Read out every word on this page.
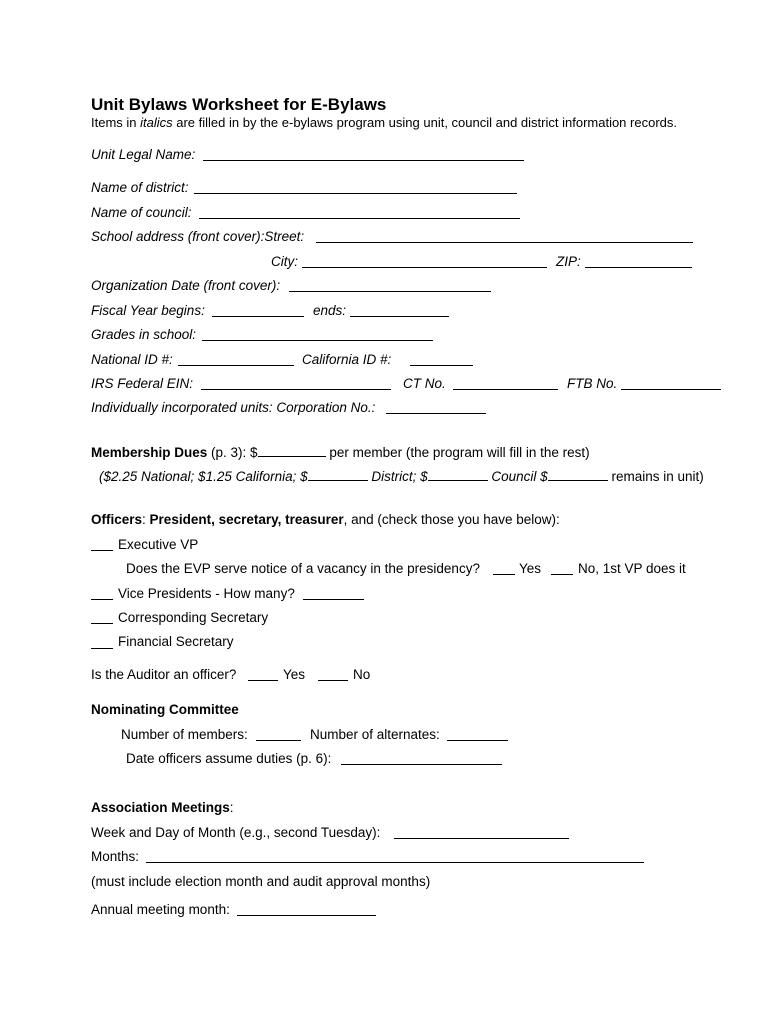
Unit Bylaws Worksheet for E-Bylaws
Items in italics are filled in by the e-bylaws program using unit, council and district information records.
Unit Legal Name:
Name of district:
Name of council:
School address (front cover):Street:
City:	ZIP:
Organization Date (front cover):
Fiscal Year begins:	ends:
Grades in school:
National ID #:	California ID #:
IRS Federal EIN:	CT No.	FTB No.
Individually incorporated units: Corporation No.:
Membership Dues (p. 3): $	per member (the program will fill in the rest)
($2.25 National; $1.25 California; $	District; $	Council $	remains in unit)
Officers: President, secretary, treasurer, and (check those you have below):
Executive VP
Does the EVP serve notice of a vacancy in the presidency?	Yes	No, 1st VP does it
Vice Presidents - How many?
Corresponding Secretary
Financial Secretary
Is the Auditor an officer?	Yes	No
Nominating Committee
Number of members:	Number of alternates:
Date officers assume duties (p. 6):
Association Meetings:
Week and Day of Month (e.g., second Tuesday):
Months:
(must include election month and audit approval months)
Annual meeting month:
